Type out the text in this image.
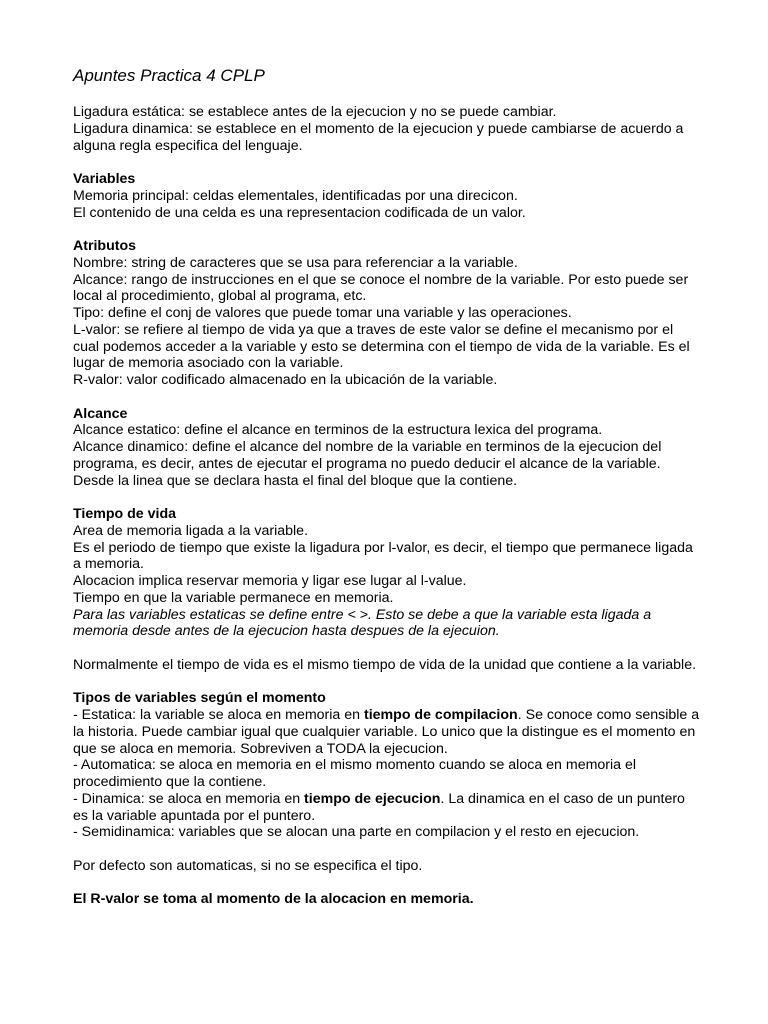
Apuntes Practica 4 CPLP

Ligadura estática: se establece antes de la ejecucion y no se puede cambiar.

Ligadura dinamica: se establece en el momento de la ejecucion y puede cambiarse de acuerdo a alguna regla especifica del lenguaje.

Variables

Memoria principal: celdas elementales, identificadas por una direcicon.

El contenido de una celda es una representacion codificada de un valor.

Atributos

Nombre: string de caracteres que se usa para referenciar a la variable.

Alcance: rango de instrucciones en el que se conoce el nombre de la variable. Por esto puede ser local al procedimiento, global al programa, etc.

Tipo: define el conj de valores que puede tomar una variable y las operaciones.

L-valor: se refiere al tiempo de vida ya que a traves de este valor se define el mecanismo por el cual podemos acceder a la variable y esto se determina con el tiempo de vida de la variable. Es el lugar de memoria asociado con la variable.

R-valor: valor codificado almacenado en la ubicación de la variable.

Alcance

Alcance estatico: define el alcance en terminos de la estructura lexica del programa.

Alcance dinamico: define el alcance del nombre de la variable en terminos de la ejecucion del programa, es decir, antes de ejecutar el programa no puedo deducir el alcance de la variable.

Desde la linea que se declara hasta el final del bloque que la contiene.

Tiempo de vida

Area de memoria ligada a la variable.

Es el periodo de tiempo que existe la ligadura por l-valor, es decir, el tiempo que permanece ligada a memoria.

Alocacion implica reservar memoria y ligar ese lugar al l-value.

Tiempo en que la variable permanece en memoria.

Para las variables estaticas se define entre < >. Esto se debe a que la variable esta ligada a memoria desde antes de la ejecucion hasta despues de la ejecuion.

Normalmente el tiempo de vida es el mismo tiempo de vida de la unidad que contiene a la variable.

Tipos de variables según el momento

- Estatica: la variable se aloca en memoria en tiempo de compilacion. Se conoce como sensible a la historia. Puede cambiar igual que cualquier variable. Lo unico que la distingue es el momento en que se aloca en memoria. Sobreviven a TODA la ejecucion.

- Automatica: se aloca en memoria en el mismo momento cuando se aloca en memoria el procedimiento que la contiene.

- Dinamica: se aloca en memoria en tiempo de ejecucion. La dinamica en el caso de un puntero es la variable apuntada por el puntero.

- Semidinamica: variables que se alocan una parte en compilacion y el resto en ejecucion.

Por defecto son automaticas, si no se especifica el tipo.

El R-valor se toma al momento de la alocacion en memoria.
